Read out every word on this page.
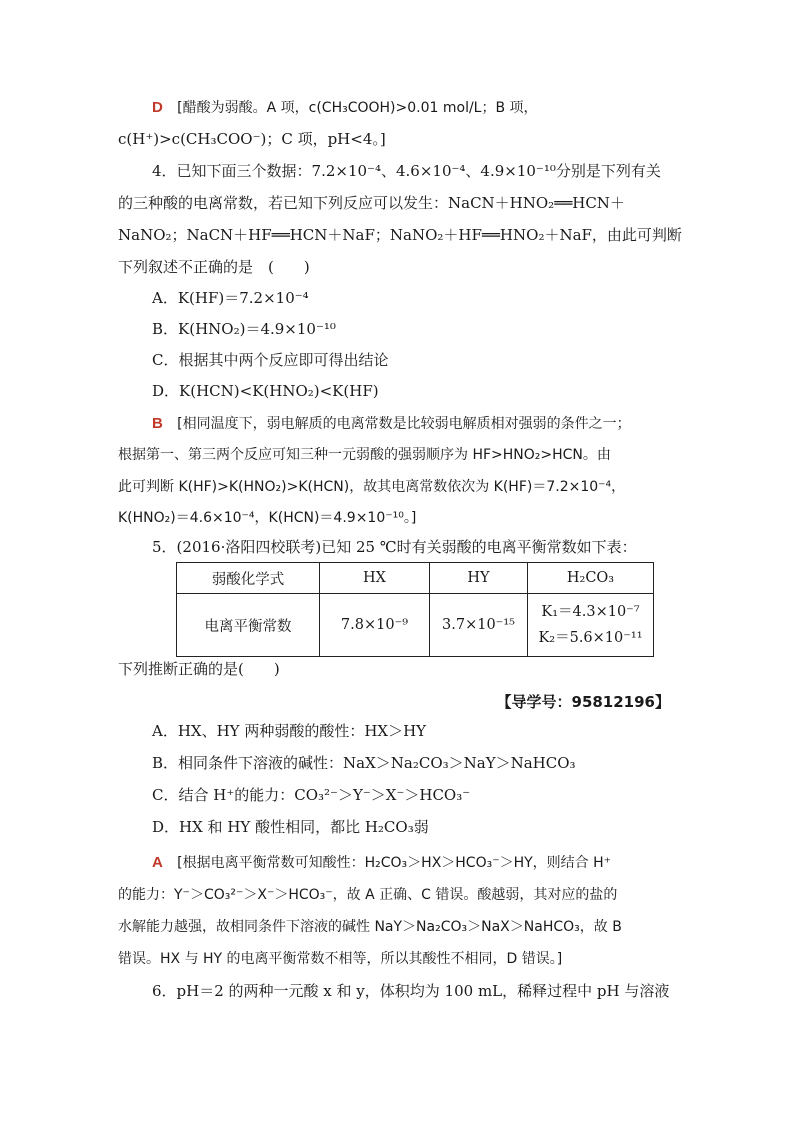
D [醋酸为弱酸。A 项，c(CH₃COOH)>0.01 mol/L；B 项，
c(H⁺)>c(CH₃COO⁻)；C 项，pH<4。]
4．已知下面三个数据：7.2×10⁻⁴、4.6×10⁻⁴、4.9×10⁻¹⁰分别是下列有关
的三种酸的电离常数，若已知下列反应可以发生：NaCN＋HNO₂══HCN＋
NaNO₂；NaCN＋HF══HCN＋NaF；NaNO₂＋HF══HNO₂＋NaF，由此可判断
下列叙述不正确的是　(　　)
A．K(HF)＝7.2×10⁻⁴
B．K(HNO₂)＝4.9×10⁻¹⁰
C．根据其中两个反应即可得出结论
D．K(HCN)<K(HNO₂)<K(HF)
B [相同温度下，弱电解质的电离常数是比较弱电解质相对强弱的条件之一；
根据第一、第三两个反应可知三种一元弱酸的强弱顺序为 HF>HNO₂>HCN。由
此可判断 K(HF)>K(HNO₂)>K(HCN)，故其电离常数依次为 K(HF)＝7.2×10⁻⁴，
K(HNO₂)＝4.6×10⁻⁴，K(HCN)＝4.9×10⁻¹⁰。]
5．(2016·洛阳四校联考)已知 25 ℃时有关弱酸的电离平衡常数如下表：
弱酸化学式	HX	HY	H₂CO₃
电离平衡常数	7.8×10⁻⁹	3.7×10⁻¹⁵	K₁＝4.3×10⁻⁷
K₂＝5.6×10⁻¹¹
下列推断正确的是(　　)
【导学号：95812196】
A．HX、HY 两种弱酸的酸性：HX＞HY
B．相同条件下溶液的碱性：NaX＞Na₂CO₃＞NaY＞NaHCO₃
C．结合 H⁺的能力：CO₃²⁻＞Y⁻＞X⁻＞HCO₃⁻
D．HX 和 HY 酸性相同，都比 H₂CO₃弱
A [根据电离平衡常数可知酸性：H₂CO₃＞HX＞HCO₃⁻＞HY，则结合 H⁺
的能力：Y⁻＞CO₃²⁻＞X⁻＞HCO₃⁻，故 A 正确、C 错误。酸越弱，其对应的盐的
水解能力越强，故相同条件下溶液的碱性 NaY＞Na₂CO₃＞NaX＞NaHCO₃，故 B
错误。HX 与 HY 的电离平衡常数不相等，所以其酸性不相同，D 错误。]
6．pH＝2 的两种一元酸 x 和 y，体积均为 100 mL，稀释过程中 pH 与溶液
